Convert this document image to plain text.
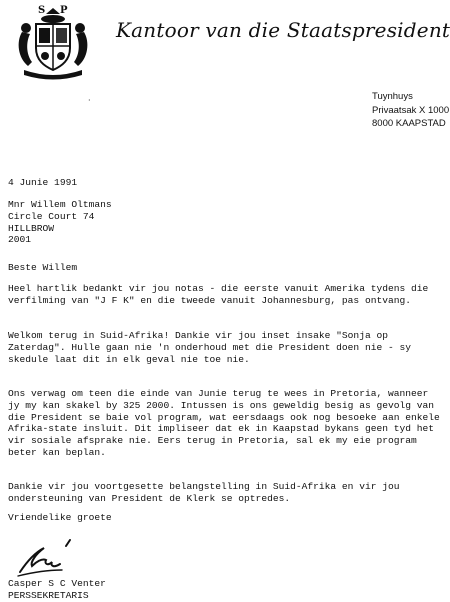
S P
Kantoor van die Staatspresident
Tuynhuys
Privaatsak X 1000
8000 KAAPSTAD
·
4 Junie 1991
Mnr Willem Oltmans
Circle Court 74
HILLBROW
2001
Beste Willem

Heel hartlik bedankt vir jou notas - die eerste vanuit Amerika tydens die verfilming van "J F K" en die tweede vanuit Johannesburg, pas ontvang.

Welkom terug in Suid-Afrika! Dankie vir jou inset insake "Sonja op Zaterdag". Hulle gaan nie 'n onderhoud met die President doen nie - sy skedule laat dit in elk geval nie toe nie.

Ons verwag om teen die einde van Junie terug te wees in Pretoria, wanneer jy my kan skakel by 325 2000. Intussen is ons geweldig besig as gevolg van die President se baie vol program, wat eersdaags ook nog besoeke aan enkele Afrika-state insluit. Dit impliseer dat ek in Kaapstad bykans geen tyd het vir sosiale afsprake nie. Eers terug in Pretoria, sal ek my eie program beter kan beplan.

Dankie vir jou voortgesette belangstelling in Suid-Afrika en vir jou ondersteuning van President de Klerk se optredes.

Vriendelike groete
Casper S C Venter
PERSSEKRETARIS
